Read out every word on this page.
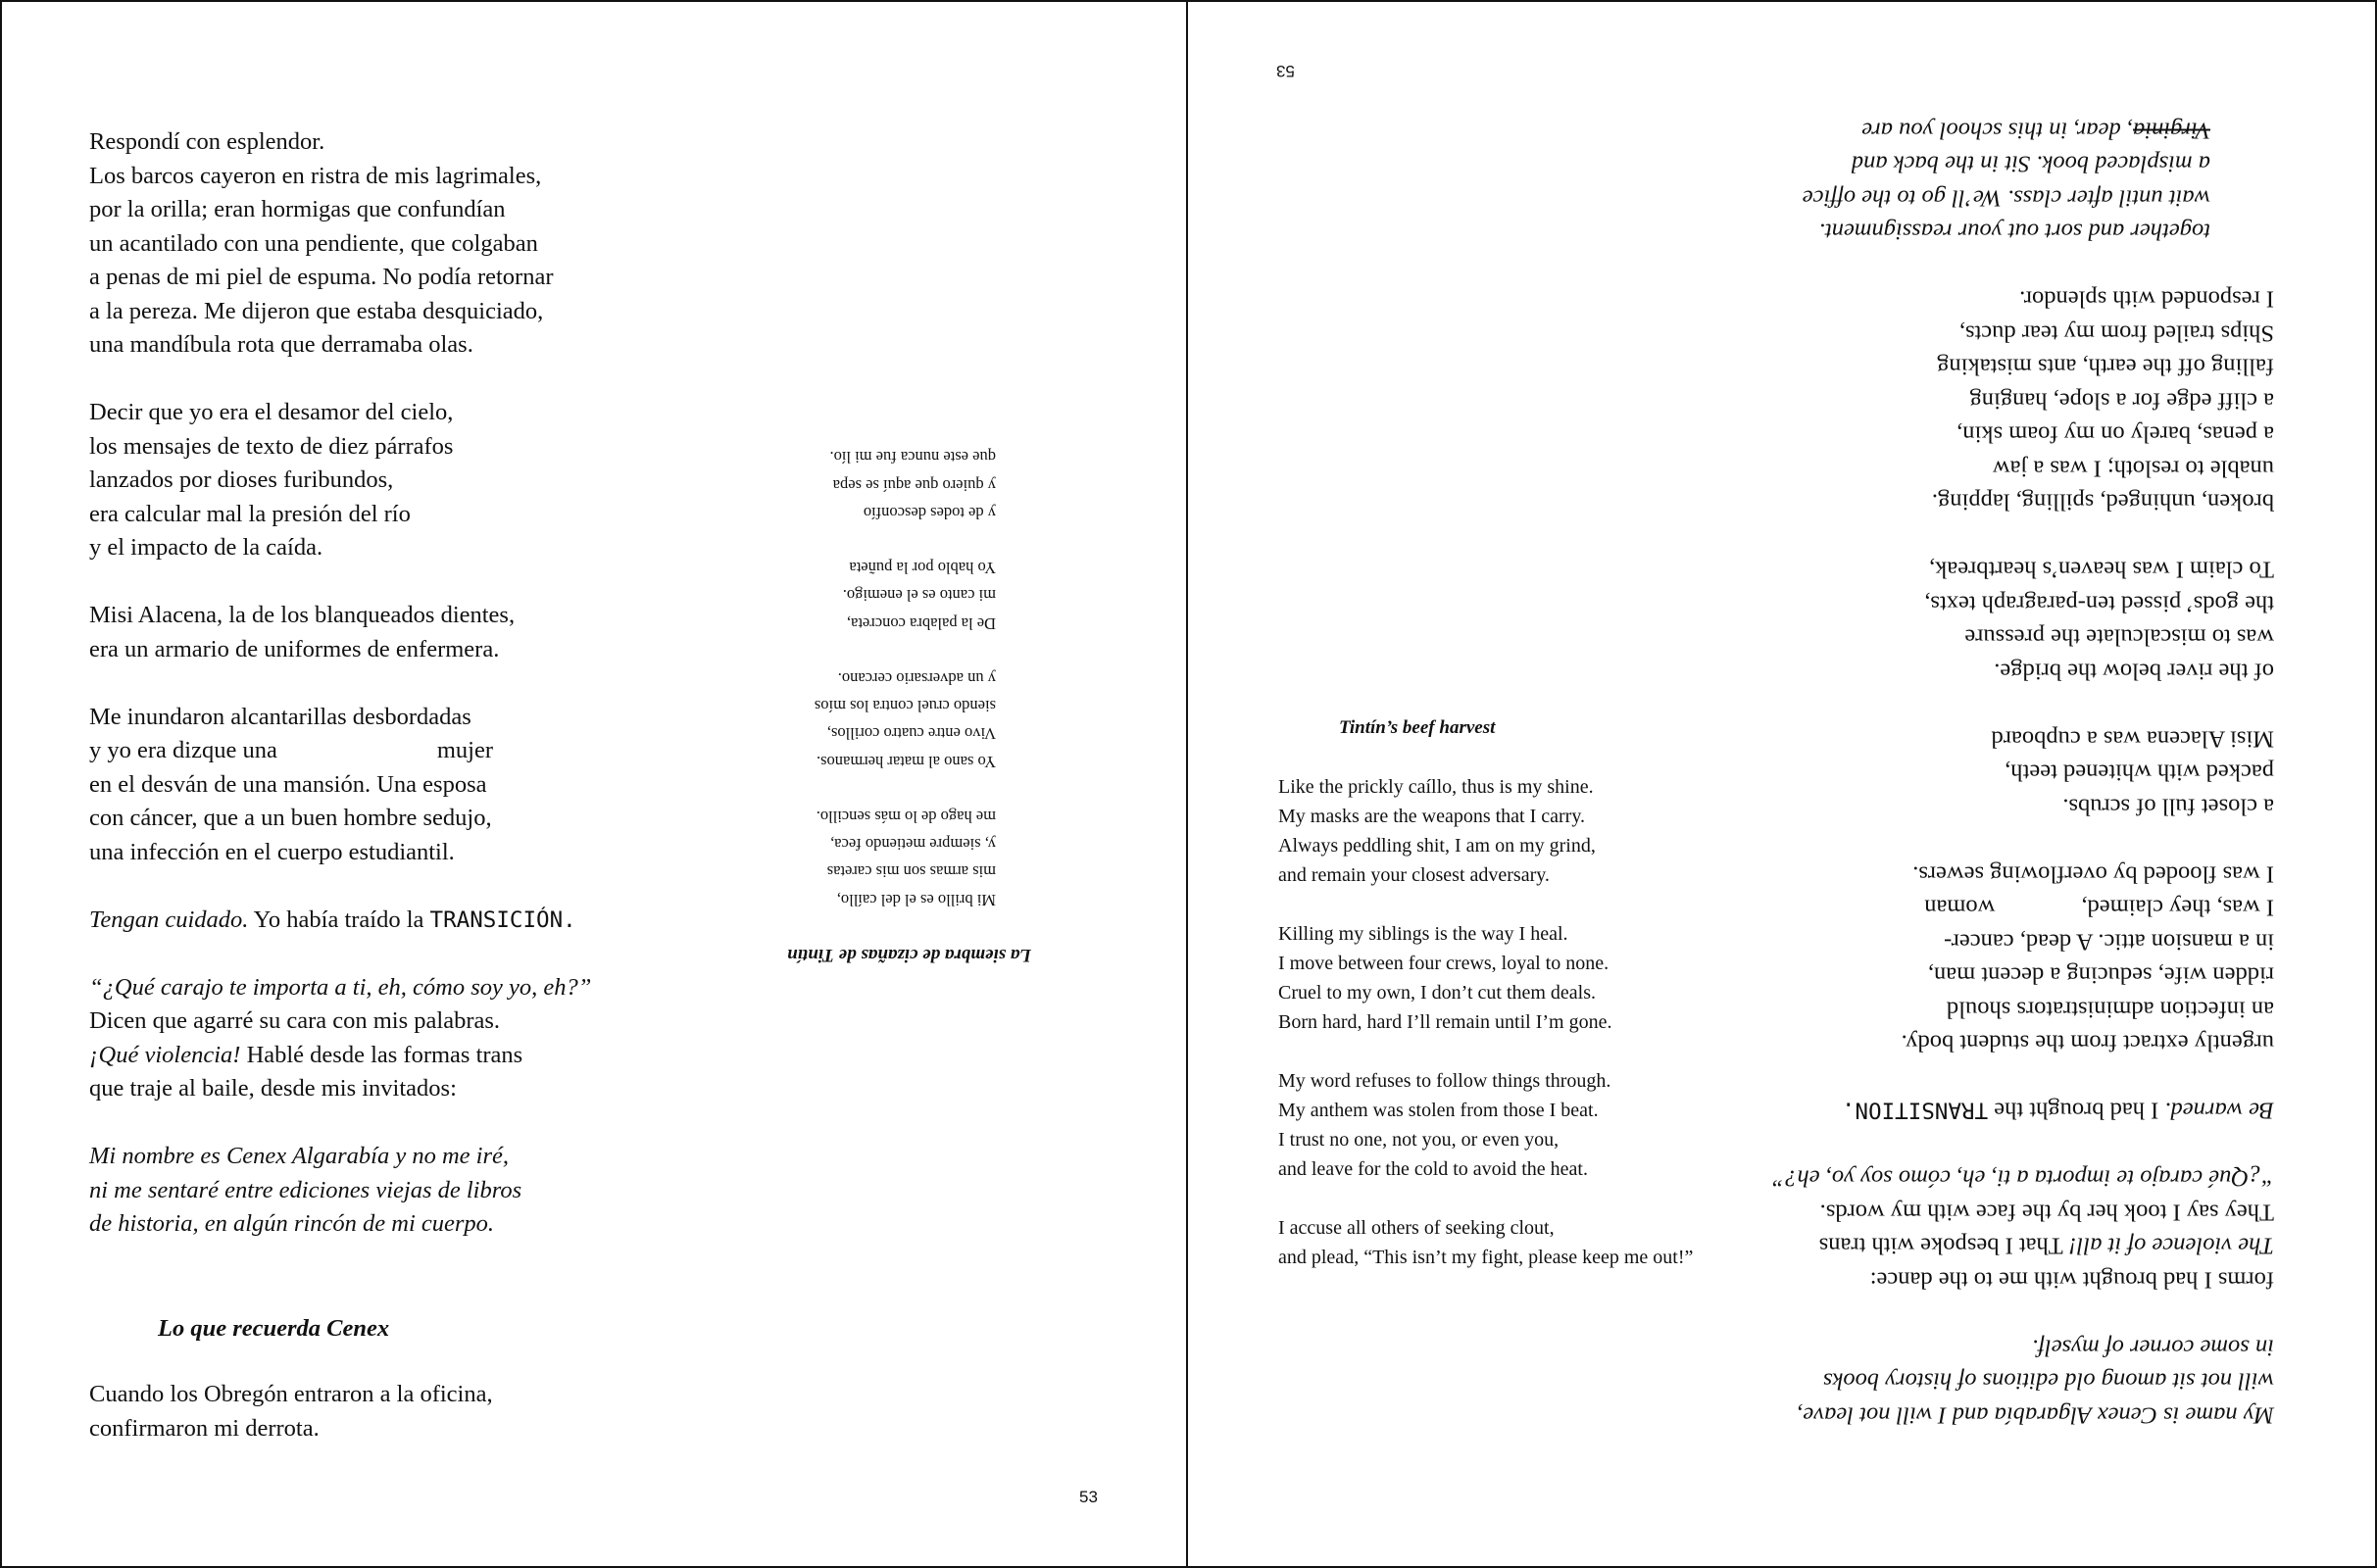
Respondí con esplendor.

Los barcos cayeron en ristra de mis lagrimales,

por la orilla; eran hormigas que confundían

un acantilado con una pendiente, que colgaban

a penas de mi piel de espuma. No podía retornar

a la pereza. Me dijeron que estaba desquiciado,

una mandíbula rota que derramaba olas.

Decir que yo era el desamor del cielo,

los mensajes de texto de diez párrafos

lanzados por dioses furibundos,

era calcular mal la presión del río

y el impacto de la caída.

Misi Alacena, la de los blanqueados dientes,

era un armario de uniformes de enfermera.

Me inundaron alcantarillas desbordadas

y yo era dizque una	mujer

en el desván de una mansión. Una esposa

con cáncer, que a un buen hombre sedujo,

una infección en el cuerpo estudiantil.

Tengan cuidado. Yo había traído la TRANSICIÓN.

“¿Qué carajo te importa a ti, eh, cómo soy yo, eh?”

Dicen que agarré su cara con mis palabras.

¡Qué violencia! Hablé desde las formas trans

que traje al baile, desde mis invitados:

Mi nombre es Cenex Algarabía y no me iré,

ni me sentaré entre ediciones viejas de libros

de historia, en algún rincón de mi cuerpo.

Lo que recuerda Cenex

Cuando los Obregón entraron a la oficina,

confirmaron mi derrota.

53

La siembra de cizañas de Tintín

Mi brillo es el del caíllo,

mis armas son mis caretas

y, siempre metiendo feca,

me hago de lo más sencillo.

Yo sano al matar hermanos.

Vivo entre cuatro corillos,

siendo cruel contra los míos

y un adversario cercano.

De la palabra concreta,

mi canto es el enemigo.

Yo hablo por la puñeta

y de todes desconfío

y quiero que aquí se sepa

que este nunca fue mi lío.

53

Tintín’s beef harvest

Like the prickly caíllo, thus is my shine.

My masks are the weapons that I carry.

Always peddling shit, I am on my grind,

and remain your closest adversary.

Killing my siblings is the way I heal.

I move between four crews, loyal to none.

Cruel to my own, I don’t cut them deals.

Born hard, hard I’ll remain until I’m gone.

My word refuses to follow things through.

My anthem was stolen from those I beat.

I trust no one, not you, or even you,

and leave for the cold to avoid the heat.

I accuse all others of seeking clout,

and plead, “This isn’t my fight, please keep me out!”

My name is Cenex Algarabía and I will not leave,

will not sit among old editions of history books

in some corner of myself.

forms I had brought with me to the dance:

The violence of it all! That I bespoke with trans

They say I took her by the face with my words.

“¿Qué carajo te importa a ti, eh, cómo soy yo, eh?”

Be warned. I had brought the TRANSITION.

urgently extract from the student body.

an infection administrators should

ridden wife, seducing a decent man,

in a mansion attic. A dead, cancer-

I was, they claimed,woman

I was flooded by overflowing sewers.

a closet full of scrubs.

packed with whitened teeth,

Misi Alacena was a cupboard

of the river below the bridge.

was to miscalculate the pressure

the gods’ pissed ten-paragraph texts,

To claim I was heaven’s heartbreak,

broken, unhinged, spilling, lapping.

unable to resloth; I was a jaw

a penas, barely on my foam skin,

a cliff edge for a slope, hanging

falling off the earth, ants mistaking

Ships trailed from my tear ducts,

I responded with splendor.

together and sort out your reassignment.

wait until after class. We’ll go to the office

a misplaced book. Sit in the back and

Virginia, dear, in this school you are
